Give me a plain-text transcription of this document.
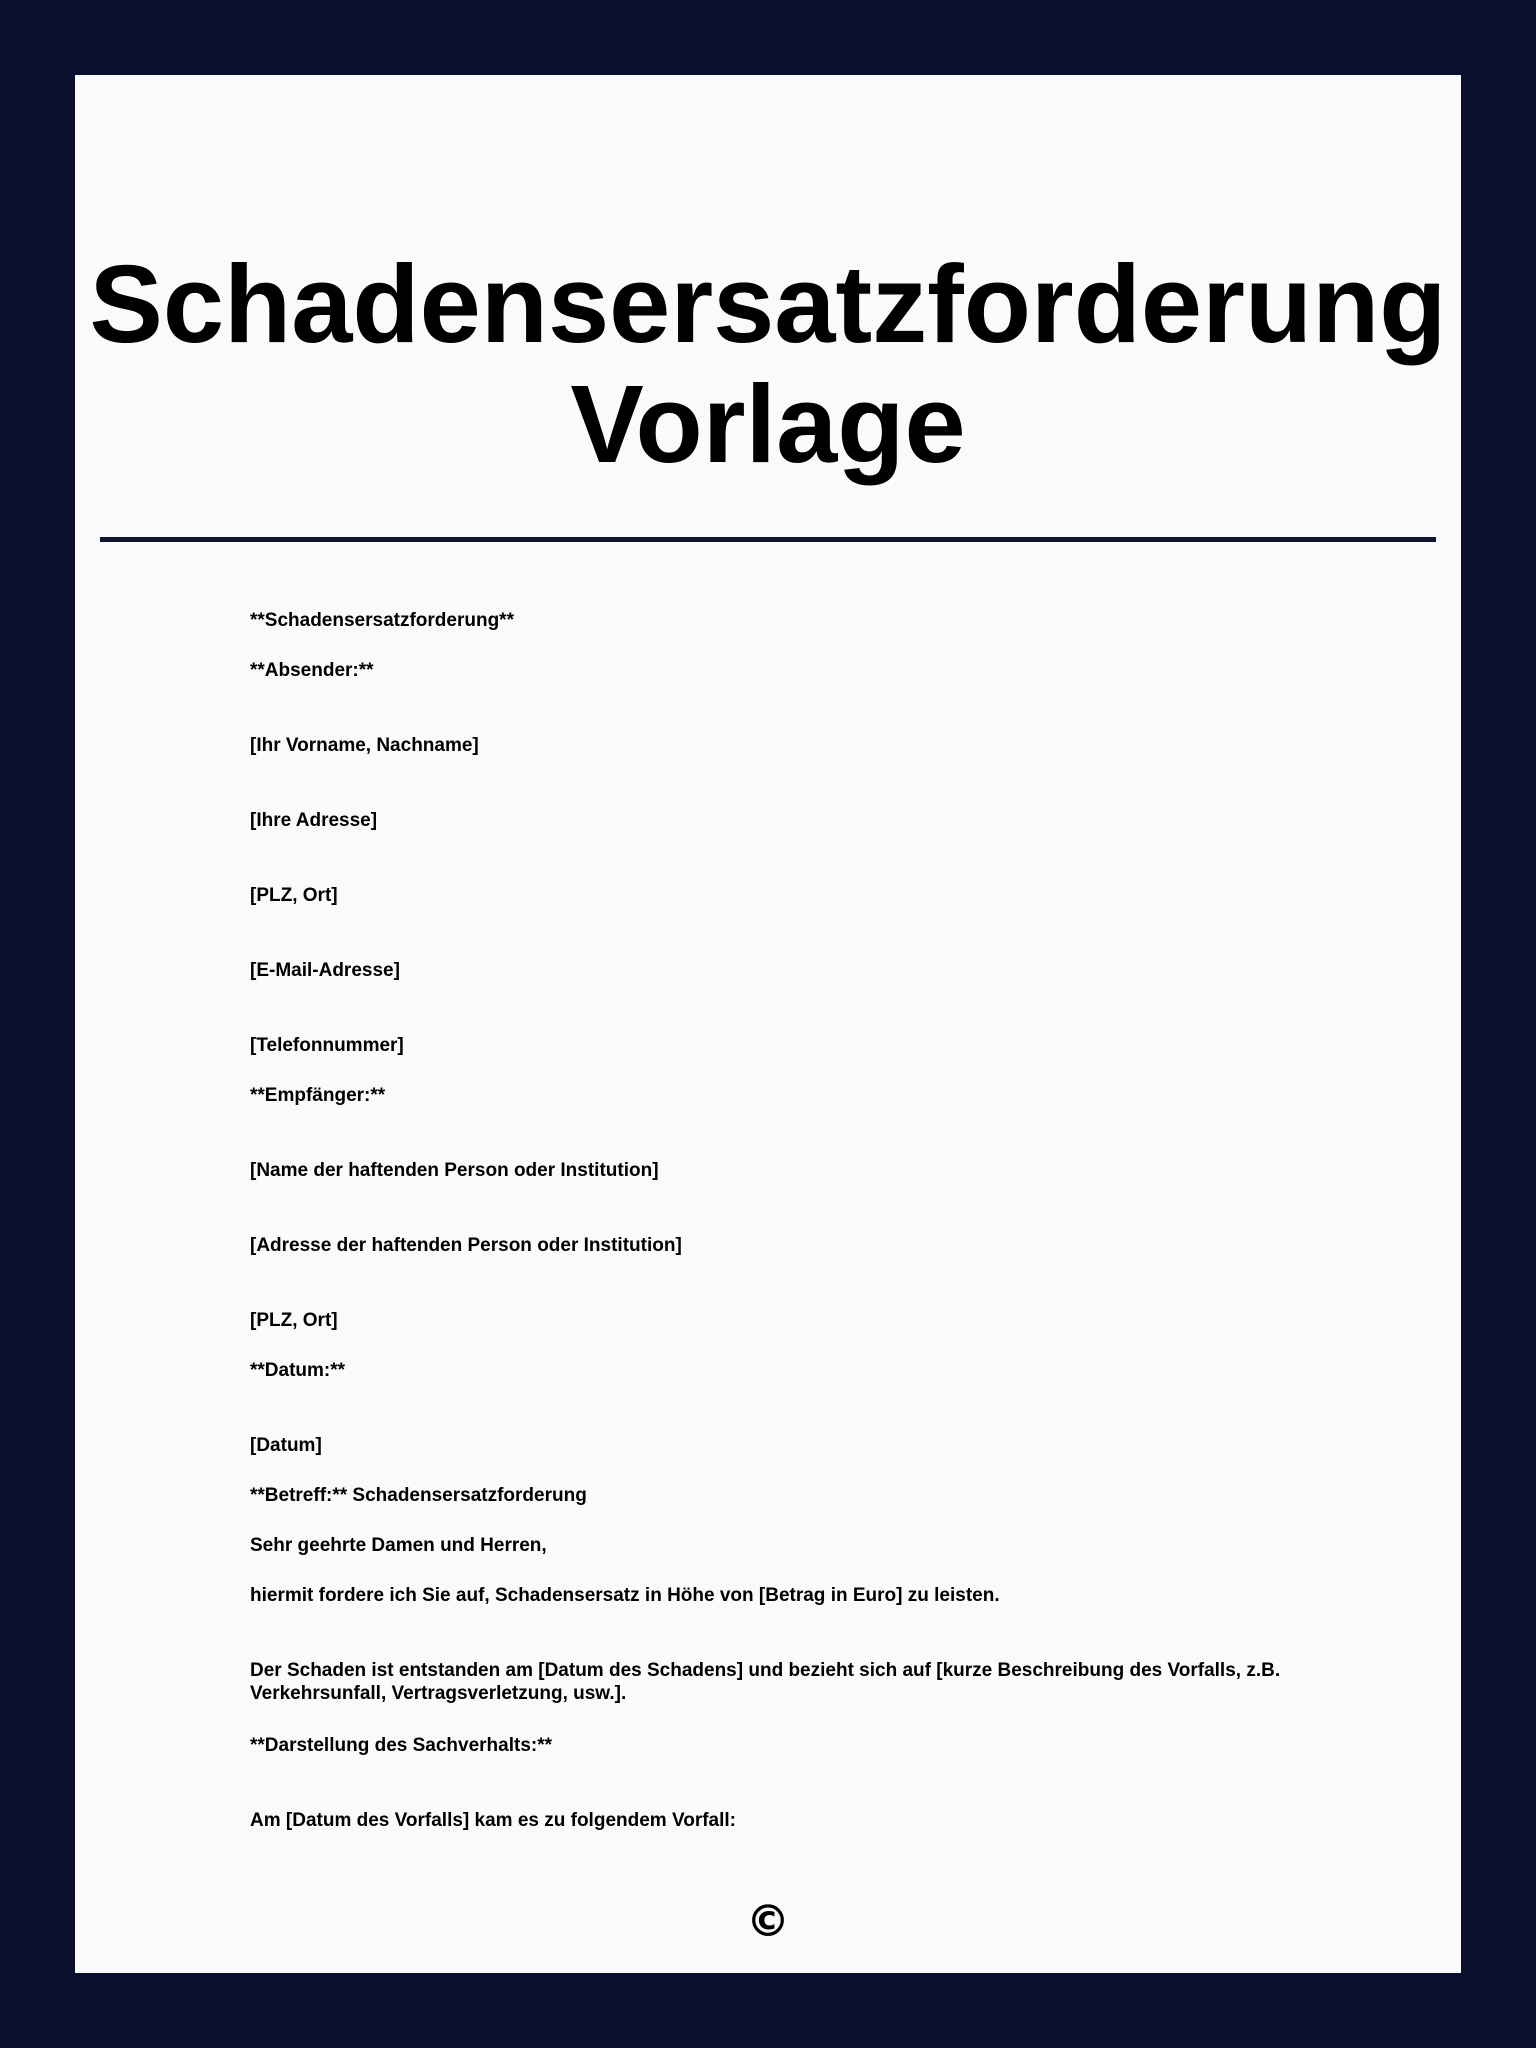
Schadensersatzforderung
Vorlage

**Schadensersatzforderung**

**Absender:**

[Ihr Vorname, Nachname]

[Ihre Adresse]

[PLZ, Ort]

[E-Mail-Adresse]

[Telefonnummer]

**Empfänger:**

[Name der haftenden Person oder Institution]

[Adresse der haftenden Person oder Institution]

[PLZ, Ort]

**Datum:**

[Datum]

**Betreff:** Schadensersatzforderung

Sehr geehrte Damen und Herren,

hiermit fordere ich Sie auf, Schadensersatz in Höhe von [Betrag in Euro] zu leisten.

Der Schaden ist entstanden am [Datum des Schadens] und bezieht sich auf [kurze Beschreibung des Vorfalls, z.B. Verkehrsunfall, Vertragsverletzung, usw.].

**Darstellung des Sachverhalts:**

Am [Datum des Vorfalls] kam es zu folgendem Vorfall:

©
